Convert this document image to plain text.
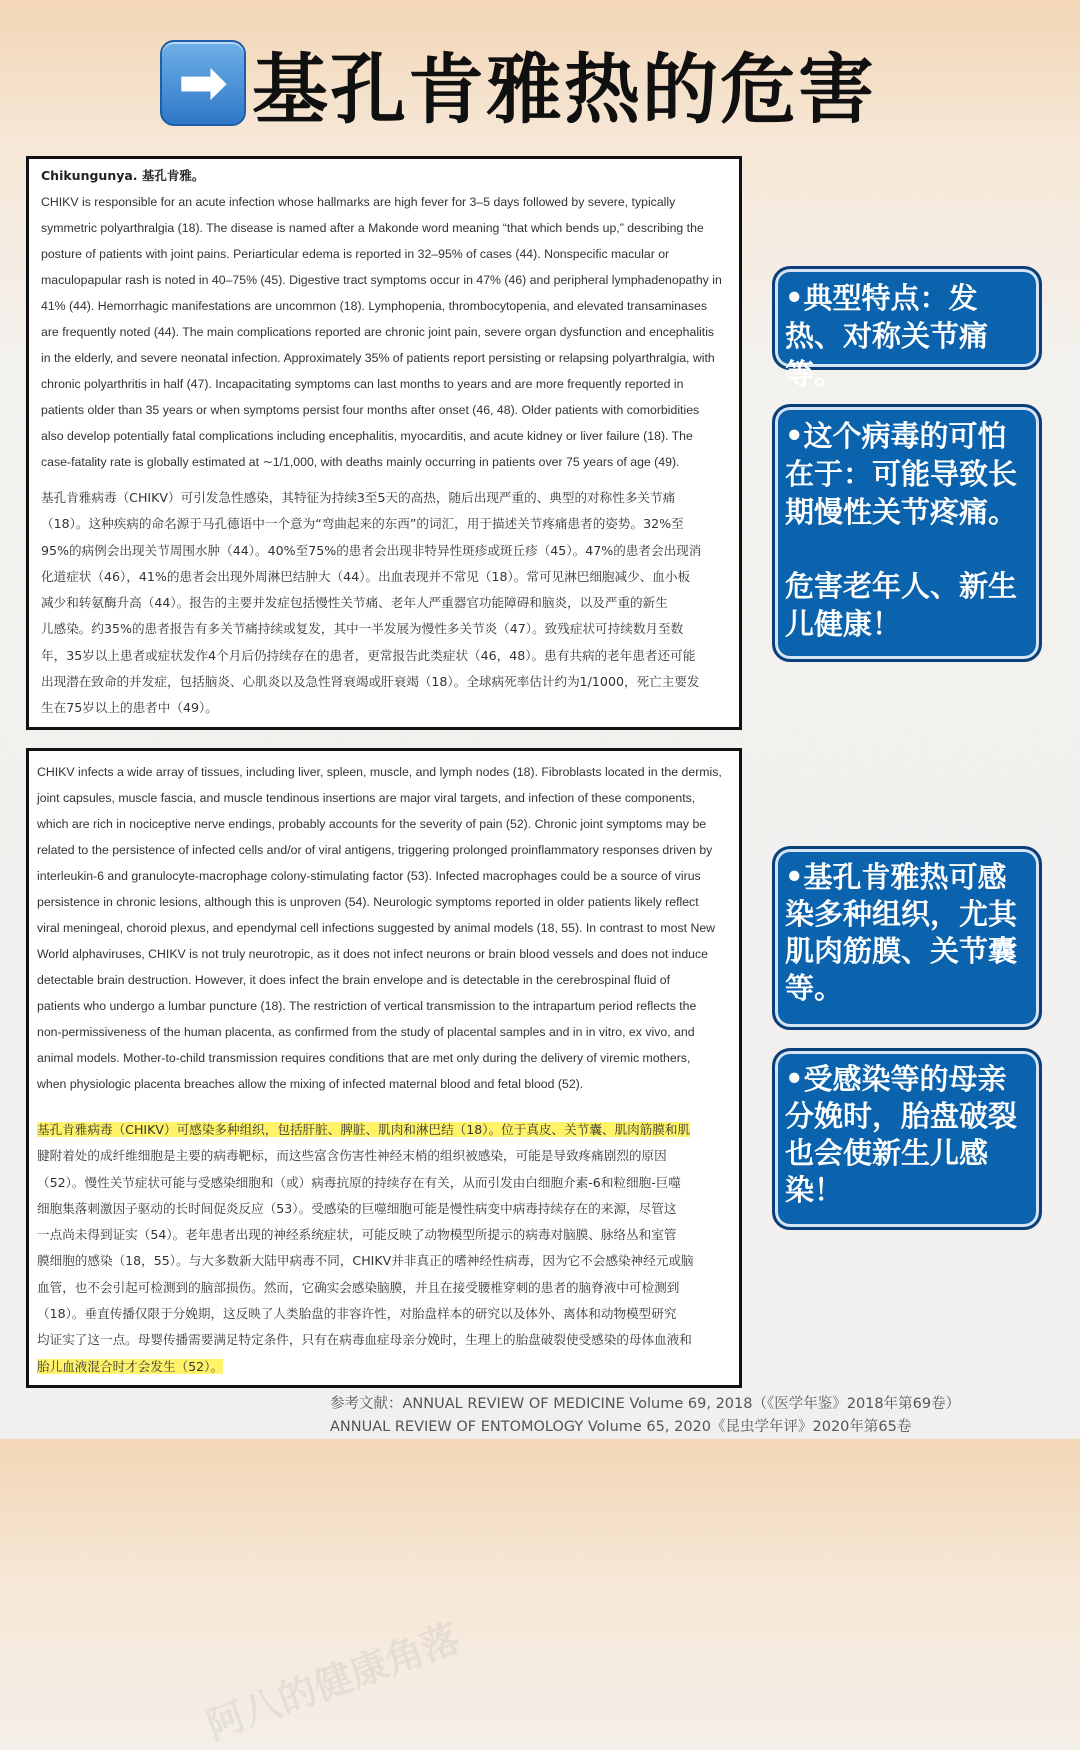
➡ 基孔肯雅热的危害
Chikungunya. 基孔肯雅。

CHIKV is responsible for an acute infection whose hallmarks are high fever for 3–5 days followed by severe, typically

symmetric polyarthralgia (18). The disease is named after a Makonde word meaning “that which bends up,” describing the

posture of patients with joint pains. Periarticular edema is reported in 32–95% of cases (44). Nonspecific macular or

maculopapular rash is noted in 40–75% (45). Digestive tract symptoms occur in 47% (46) and peripheral lymphadenopathy in

41% (44). Hemorrhagic manifestations are uncommon (18). Lymphopenia, thrombocytopenia, and elevated transaminases

are frequently noted (44). The main complications reported are chronic joint pain, severe organ dysfunction and encephalitis

in the elderly, and severe neonatal infection. Approximately 35% of patients report persisting or relapsing polyarthralgia, with

chronic polyarthritis in half (47). Incapacitating symptoms can last months to years and are more frequently reported in

patients older than 35 years or when symptoms persist four months after onset (46, 48). Older patients with comorbidities

also develop potentially fatal complications including encephalitis, myocarditis, and acute kidney or liver failure (18). The

case-fatality rate is globally estimated at ∼1/1,000, with deaths mainly occurring in patients over 75 years of age (49).

基孔肯雅病毒（CHIKV）可引发急性感染，其特征为持续3至5天的高热，随后出现严重的、典型的对称性多关节痛

（18）。这种疾病的命名源于马孔德语中一个意为“弯曲起来的东西”的词汇，用于描述关节疼痛患者的姿势。32%至

95%的病例会出现关节周围水肿（44）。40%至75%的患者会出现非特异性斑疹或斑丘疹（45）。47%的患者会出现消

化道症状（46），41%的患者会出现外周淋巴结肿大（44）。出血表现并不常见（18）。常可见淋巴细胞减少、血小板

减少和转氨酶升高（44）。报告的主要并发症包括慢性关节痛、老年人严重器官功能障碍和脑炎，以及严重的新生

儿感染。约35%的患者报告有多关节痛持续或复发，其中一半发展为慢性多关节炎（47）。致残症状可持续数月至数

年，35岁以上患者或症状发作4个月后仍持续存在的患者，更常报告此类症状（46，48）。患有共病的老年患者还可能

出现潜在致命的并发症，包括脑炎、心肌炎以及急性肾衰竭或肝衰竭（18）。全球病死率估计约为1/1000，死亡主要发

生在75岁以上的患者中（49）。

阿八的健康角落

CHIKV infects a wide array of tissues, including liver, spleen, muscle, and lymph nodes (18). Fibroblasts located in the dermis,

joint capsules, muscle fascia, and muscle tendinous insertions are major viral targets, and infection of these components,

which are rich in nociceptive nerve endings, probably accounts for the severity of pain (52). Chronic joint symptoms may be

related to the persistence of infected cells and/or of viral antigens, triggering prolonged proinflammatory responses driven by

interleukin-6 and granulocyte-macrophage colony-stimulating factor (53). Infected macrophages could be a source of virus

persistence in chronic lesions, although this is unproven (54). Neurologic symptoms reported in older patients likely reflect

viral meningeal, choroid plexus, and ependymal cell infections suggested by animal models (18, 55). In contrast to most New

World alphaviruses, CHIKV is not truly neurotropic, as it does not infect neurons or brain blood vessels and does not induce

detectable brain destruction. However, it does infect the brain envelope and is detectable in the cerebrospinal fluid of

patients who undergo a lumbar puncture (18). The restriction of vertical transmission to the intrapartum period reflects the

non-permissiveness of the human placenta, as confirmed from the study of placental samples and in in vitro, ex vivo, and

animal models. Mother-to-child transmission requires conditions that are met only during the delivery of viremic mothers,

when physiologic placenta breaches allow the mixing of infected maternal blood and fetal blood (52).

基孔肯雅病毒（CHIKV）可感染多种组织，包括肝脏、脾脏、肌肉和淋巴结（18）。位于真皮、关节囊、肌肉筋膜和肌

腱附着处的成纤维细胞是主要的病毒靶标，而这些富含伤害性神经末梢的组织被感染，可能是导致疼痛剧烈的原因

（52）。慢性关节症状可能与受感染细胞和（或）病毒抗原的持续存在有关，从而引发由白细胞介素-6和粒细胞-巨噬

细胞集落刺激因子驱动的长时间促炎反应（53）。受感染的巨噬细胞可能是慢性病变中病毒持续存在的来源，尽管这

一点尚未得到证实（54）。老年患者出现的神经系统症状，可能反映了动物模型所提示的病毒对脑膜、脉络丛和室管

膜细胞的感染（18，55）。与大多数新大陆甲病毒不同，CHIKV并非真正的嗜神经性病毒，因为它不会感染神经元或脑

血管，也不会引起可检测到的脑部损伤。然而，它确实会感染脑膜，并且在接受腰椎穿刺的患者的脑脊液中可检测到

（18）。垂直传播仅限于分娩期，这反映了人类胎盘的非容许性，对胎盘样本的研究以及体外、离体和动物模型研究

均证实了这一点。母婴传播需要满足特定条件，只有在病毒血症母亲分娩时，生理上的胎盘破裂使受感染的母体血液和

胎儿血液混合时才会发生（52）。

•典型特点：发热、对称关节痛等。

•这个病毒的可怕在于：可能导致长期慢性关节疼痛。

危害老年人、新生儿健康！

•基孔肯雅热可感染多种组织，尤其肌肉筋膜、关节囊等。

•受感染等的母亲分娩时，胎盘破裂也会使新生儿感染！

参考文献：ANNUAL REVIEW OF MEDICINE Volume 69, 2018（《医学年鉴》2018年第69卷）
ANNUAL REVIEW OF ENTOMOLOGY Volume 65, 2020《昆虫学年评》2020年第65卷
